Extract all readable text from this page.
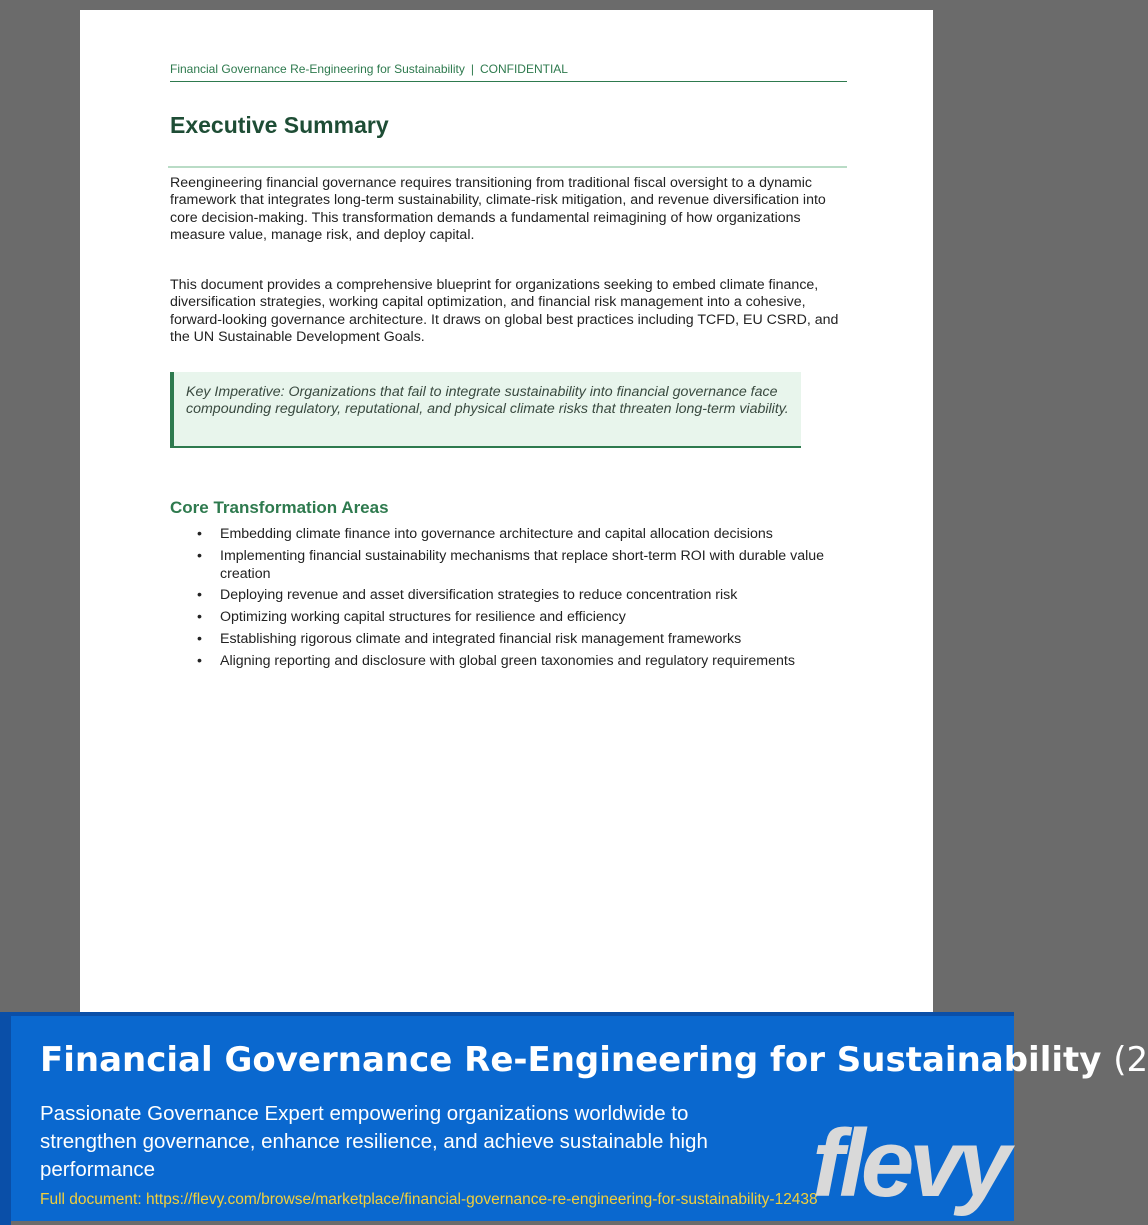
Financial Governance Re-Engineering for Sustainability | CONFIDENTIAL
Executive Summary

Reengineering financial governance requires transitioning from traditional fiscal oversight to a dynamic framework that integrates long-term sustainability, climate-risk mitigation, and revenue diversification into core decision-making. This transformation demands a fundamental reimagining of how organizations measure value, manage risk, and deploy capital.

This document provides a comprehensive blueprint for organizations seeking to embed climate finance, diversification strategies, working capital optimization, and financial risk management into a cohesive, forward-looking governance architecture. It draws on global best practices including TCFD, EU CSRD, and the UN Sustainable Development Goals.

Key Imperative: Organizations that fail to integrate sustainability into financial governance face compounding regulatory, reputational, and physical climate risks that threaten long-term viability.
Core Transformation Areas
• Embedding climate finance into governance architecture and capital allocation decisions
• Implementing financial sustainability mechanisms that replace short-term ROI with durable value creation
• Deploying revenue and asset diversification strategies to reduce concentration risk
• Optimizing working capital structures for resilience and efficiency
• Establishing rigorous climate and integrated financial risk management frameworks
• Aligning reporting and disclosure with global green taxonomies and regulatory requirements
Financial Governance Re-Engineering for Sustainability (2

Passionate Governance Expert empowering organizations worldwide to strengthen governance, enhance resilience, and achieve sustainable high performance

Full document: https://flevy.com/browse/marketplace/financial-governance-re-engineering-for-sustainability-12438
flevy
